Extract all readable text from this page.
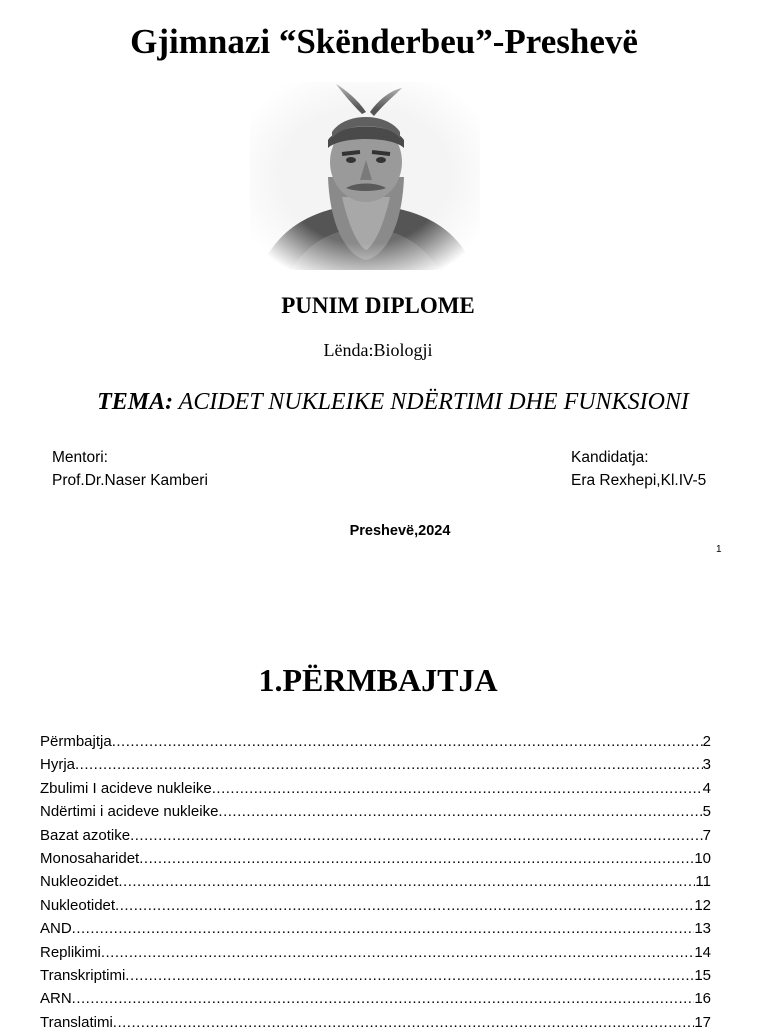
Gjimnazi “Skënderbeu”-Preshevë
PUNIM DIPLOME
Lënda:Biologji
TEMA: ACIDET NUKLEIKE NDËRTIMI DHE FUNKSIONI
Mentori:
Prof.Dr.Naser Kamberi
Kandidatja:
Era Rexhepi,Kl.IV-5
Preshevë,2024
1
1.PËRMBAJTJA
Përmbajtja .....	2
Hyrja .....	3
Zbulimi I acideve nukleike .....	4
Ndërtimi i acideve nukleike .....	5
Bazat azotike .....	7
Monosaharidet .....	10
Nukleozidet .....	11
Nukleotidet .....	12
AND .....	13
Replikimi .....	14
Transkriptimi .....	15
ARN .....	16
Translatimi .....	17
